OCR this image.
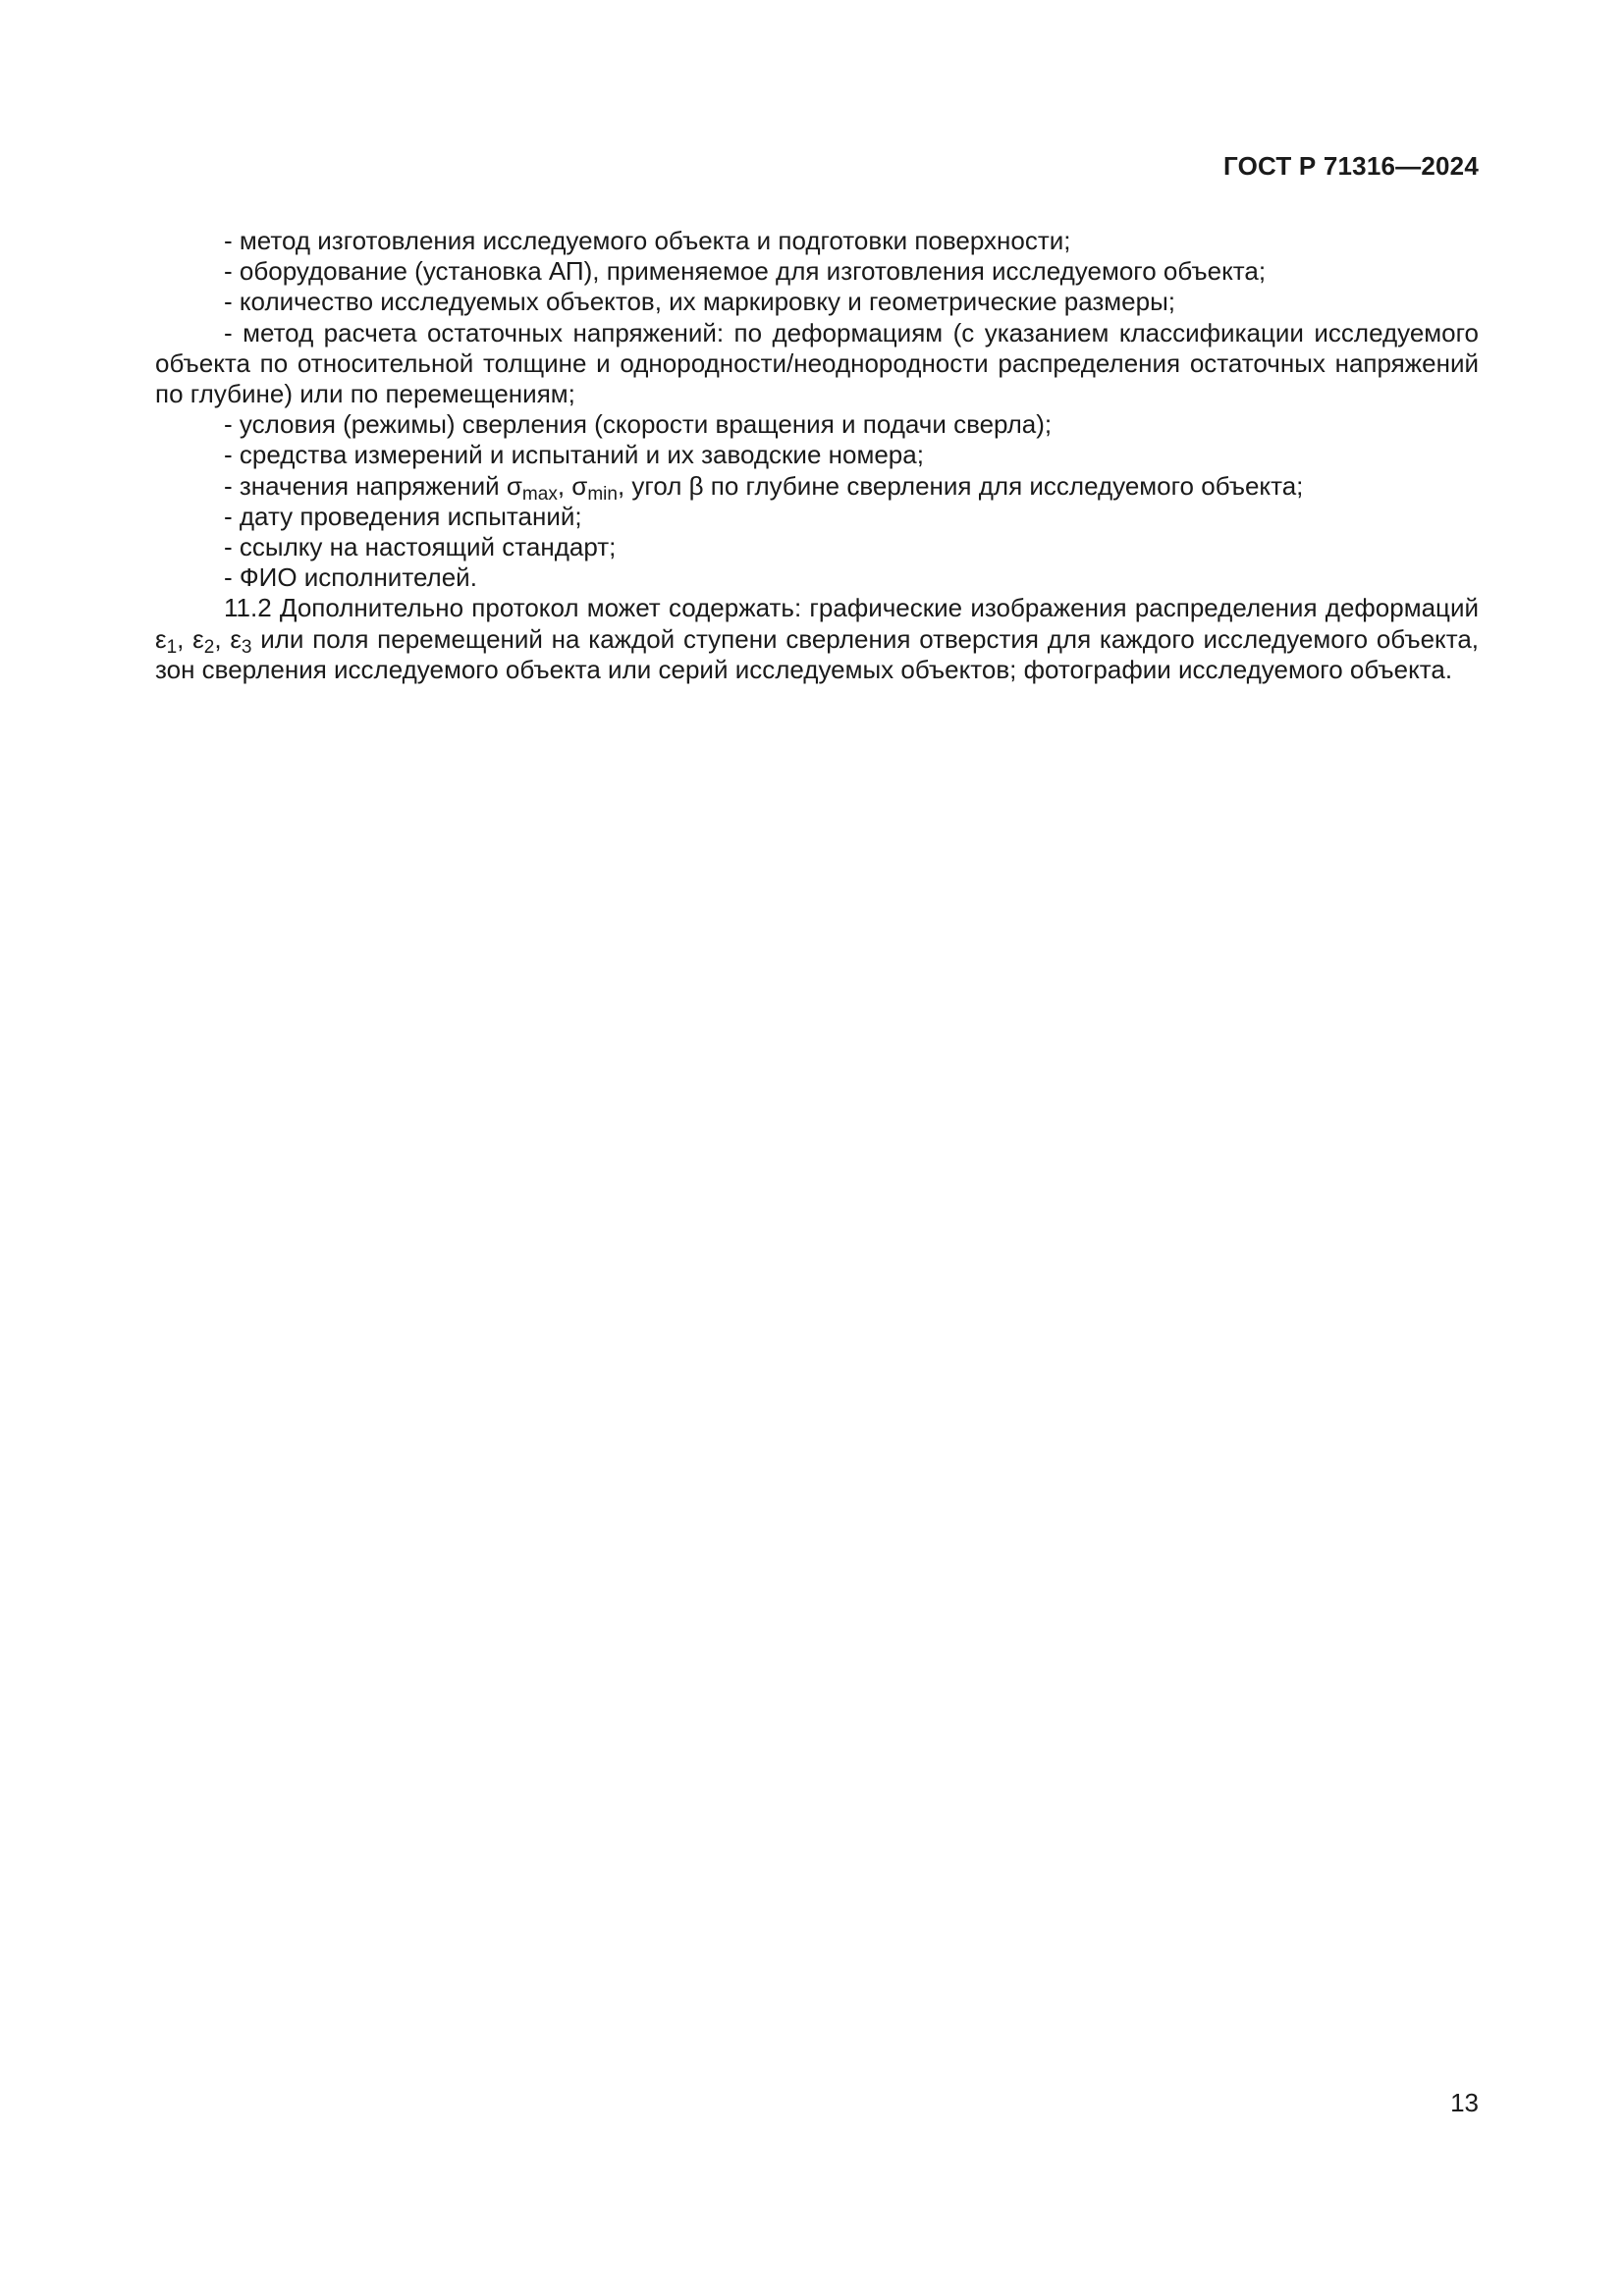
ГОСТ Р 71316—2024

- метод изготовления исследуемого объекта и подготовки поверхности;

- оборудование (установка АП), применяемое для изготовления исследуемого объекта;

- количество исследуемых объектов, их маркировку и геометрические размеры;

- метод расчета остаточных напряжений: по деформациям (с указанием классификации исследуемого объекта по относительной толщине и однородности/неоднородности распределения остаточных напряжений по глубине) или по перемещениям;

- условия (режимы) сверления (скорости вращения и подачи сверла);

- средства измерений и испытаний и их заводские номера;

- значения напряжений $\sigma_{max}$, $\sigma_{min}$, угол β по глубине сверления для исследуемого объекта;

- дату проведения испытаний;

- ссылку на настоящий стандарт;

- ФИО исполнителей.

11.2 Дополнительно протокол может содержать: графические изображения распределения деформаций $\varepsilon_1$, $\varepsilon_2$, $\varepsilon_3$ или поля перемещений на каждой ступени сверления отверстия для каждого исследуемого объекта, зон сверления исследуемого объекта или серий исследуемых объектов; фотографии исследуемого объекта.

13
